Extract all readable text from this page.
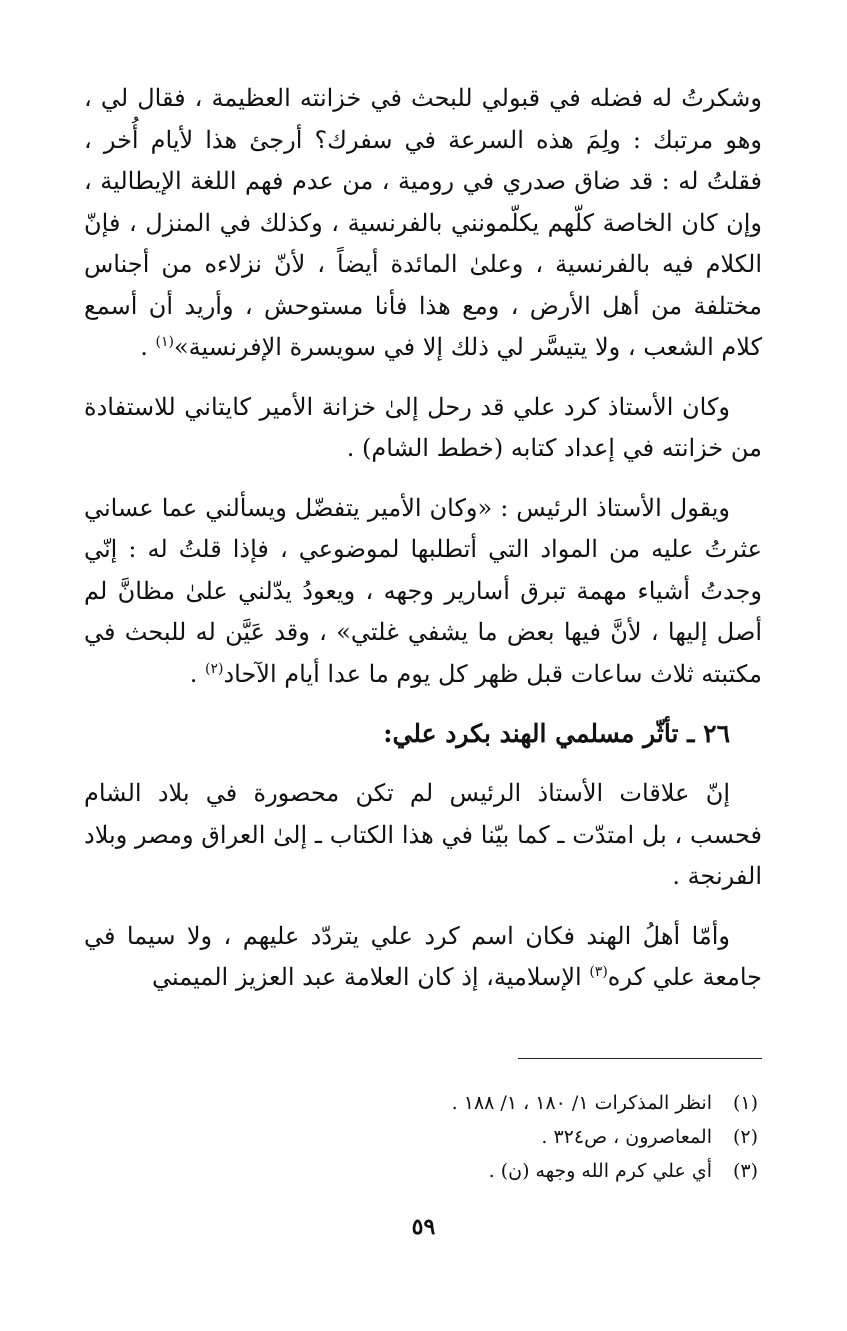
وشكرتُ له فضله في قبولي للبحث في خزانته العظيمة ، فقال لي ، وهو مرتبك : ولِمَ هذه السرعة في سفرك؟ أرجئ هذا لأيام أُخر ، فقلتُ له : قد ضاق صدري في رومية ، من عدم فهم اللغة الإيطالية ، وإن كان الخاصة كلّهم يكلّمونني بالفرنسية ، وكذلك في المنزل ، فإنّ الكلام فيه بالفرنسية ، وعلىٰ المائدة أيضاً ، لأنّ نزلاءه من أجناس مختلفة من أهل الأرض ، ومع هذا فأنا مستوحش ، وأريد أن أسمع كلام الشعب ، ولا يتيسَّر لي ذلك إلا في سويسرة الإفرنسية»$^{(١)}$ .

وكان الأستاذ كرد علي قد رحل إلىٰ خزانة الأمير كايتاني للاستفادة من خزانته في إعداد كتابه (خطط الشام) .

ويقول الأستاذ الرئيس : «وكان الأمير يتفضّل ويسألني عما عساني عثرتُ عليه من المواد التي أتطلبها لموضوعي ، فإذا قلتُ له : إنّي وجدتُ أشياء مهمة تبرق أسارير وجهه ، ويعودُ يدّلني علىٰ مظانَّ لم أصل إليها ، لأنَّ فيها بعض ما يشفي غلتي» ، وقد عَيَّن له للبحث في مكتبته ثلاث ساعات قبل ظهر كل يوم ما عدا أيام الآحاد$^{(٢)}$ .

٢٦ ـ تأثّر مسلمي الهند بكرد علي:

إنّ علاقات الأستاذ الرئيس لم تكن محصورة في بلاد الشام فحسب ، بل امتدّت ـ كما بيّنا في هذا الكتاب ـ إلىٰ العراق ومصر وبلاد الفرنجة .

وأمّا أهلُ الهند فكان اسم كرد علي يتردّد عليهم ، ولا سيما في جامعة علي كره$^{(٣)}$ الإسلامية، إذ كان العلامة عبد العزيز الميمني

(١)انظر المذكرات ١/ ١٨٠ ، ١/ ١٨٨ .
(٢)المعاصرون ، ص٣٢٤ .
(٣)أي علي كرم الله وجهه (ن) .
٥٩
